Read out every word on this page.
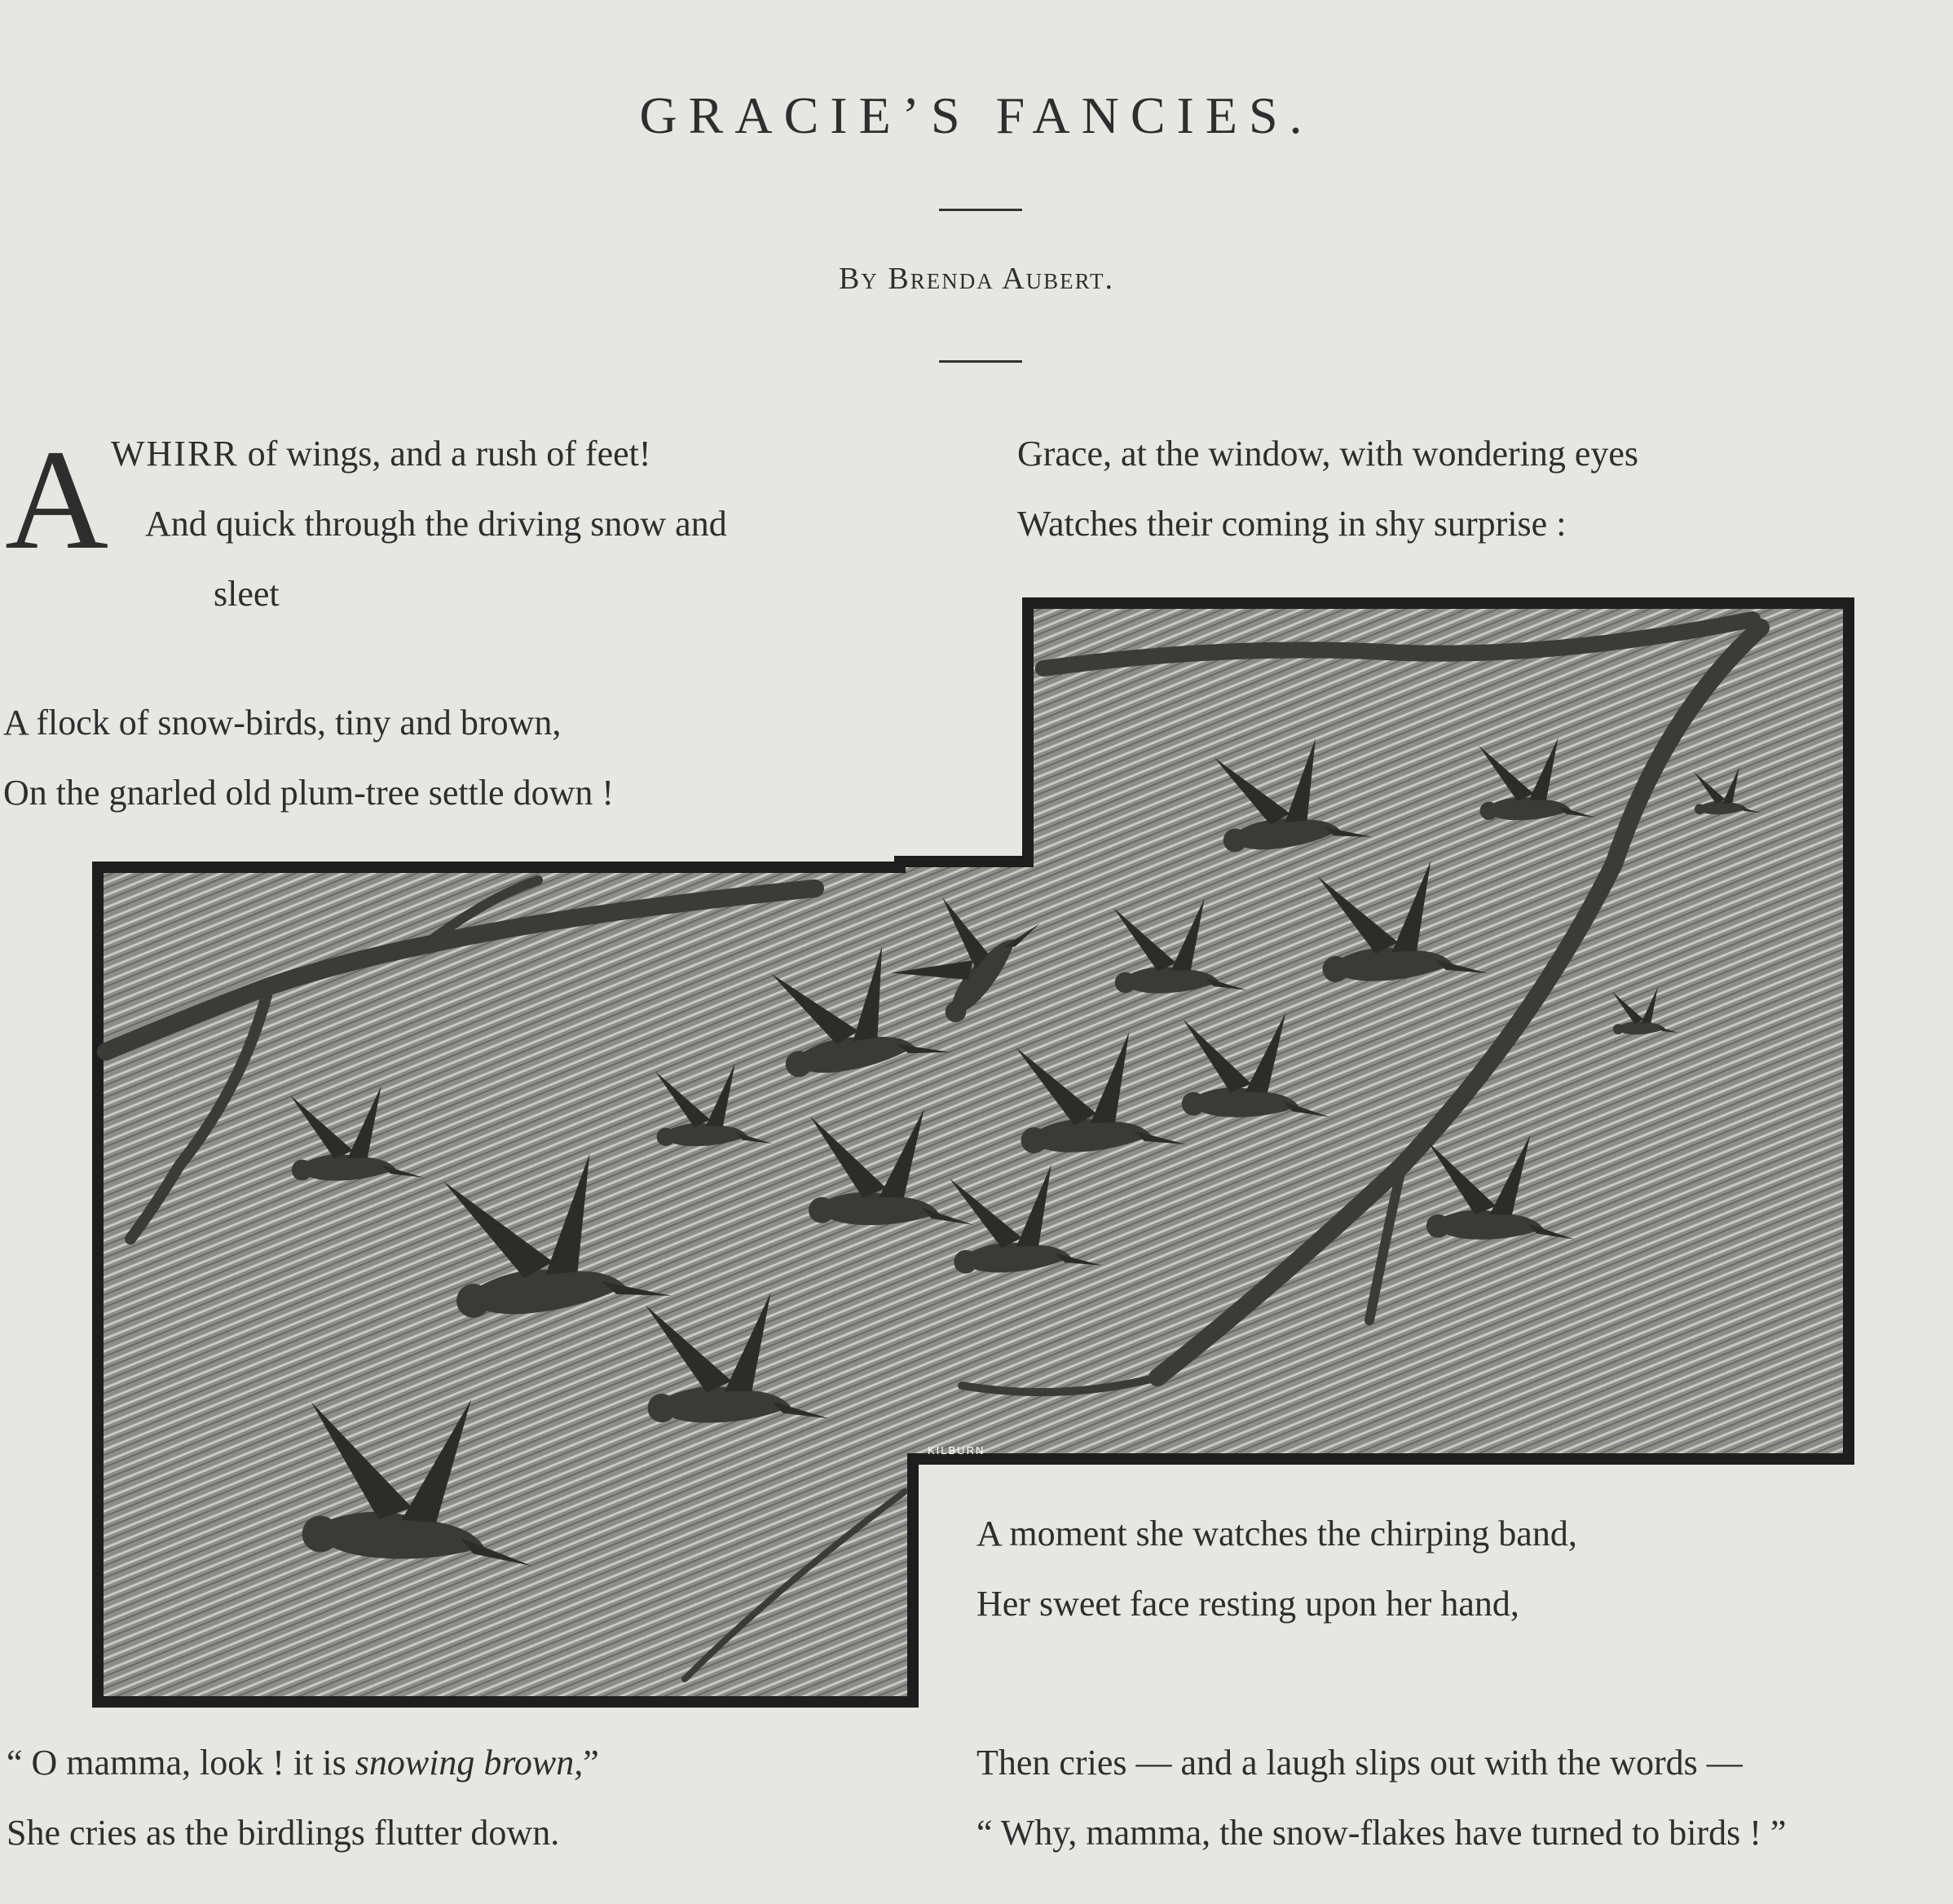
GRACIE’S FANCIES.
By Brenda Aubert.
A WHIRR of wings, and a rush of feet!
And quick through the driving snow and
sleet
A flock of snow-birds, tiny and brown,
On the gnarled old plum-tree settle down !
Grace, at the window, with wondering eyes
Watches their coming in shy surprise :
KILBURN
A moment she watches the chirping band,
Her sweet face resting upon her hand,
“ O mamma, look ! it is snowing brown,”
She cries as the birdlings flutter down.
Then cries — and a laugh slips out with the words —
“ Why, mamma, the snow-flakes have turned to birds ! ”
